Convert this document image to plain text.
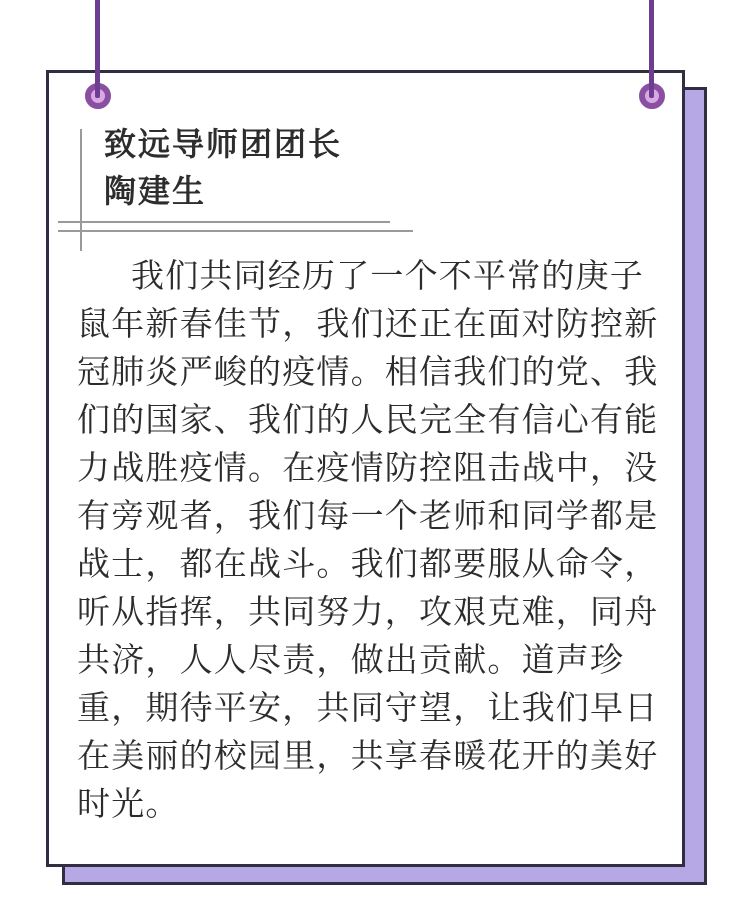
致远导师团团长
陶建生
我们共同经历了一个不平常的庚子
鼠年新春佳节，我们还正在面对防控新
冠肺炎严峻的疫情。相信我们的党、我
们的国家、我们的人民完全有信心有能
力战胜疫情。在疫情防控阻击战中，没
有旁观者，我们每一个老师和同学都是
战士，都在战斗。我们都要服从命令，
听从指挥，共同努力，攻艰克难，同舟
共济，人人尽责，做出贡献。道声珍
重，期待平安，共同守望，让我们早日
在美丽的校园里，共享春暖花开的美好
时光。
